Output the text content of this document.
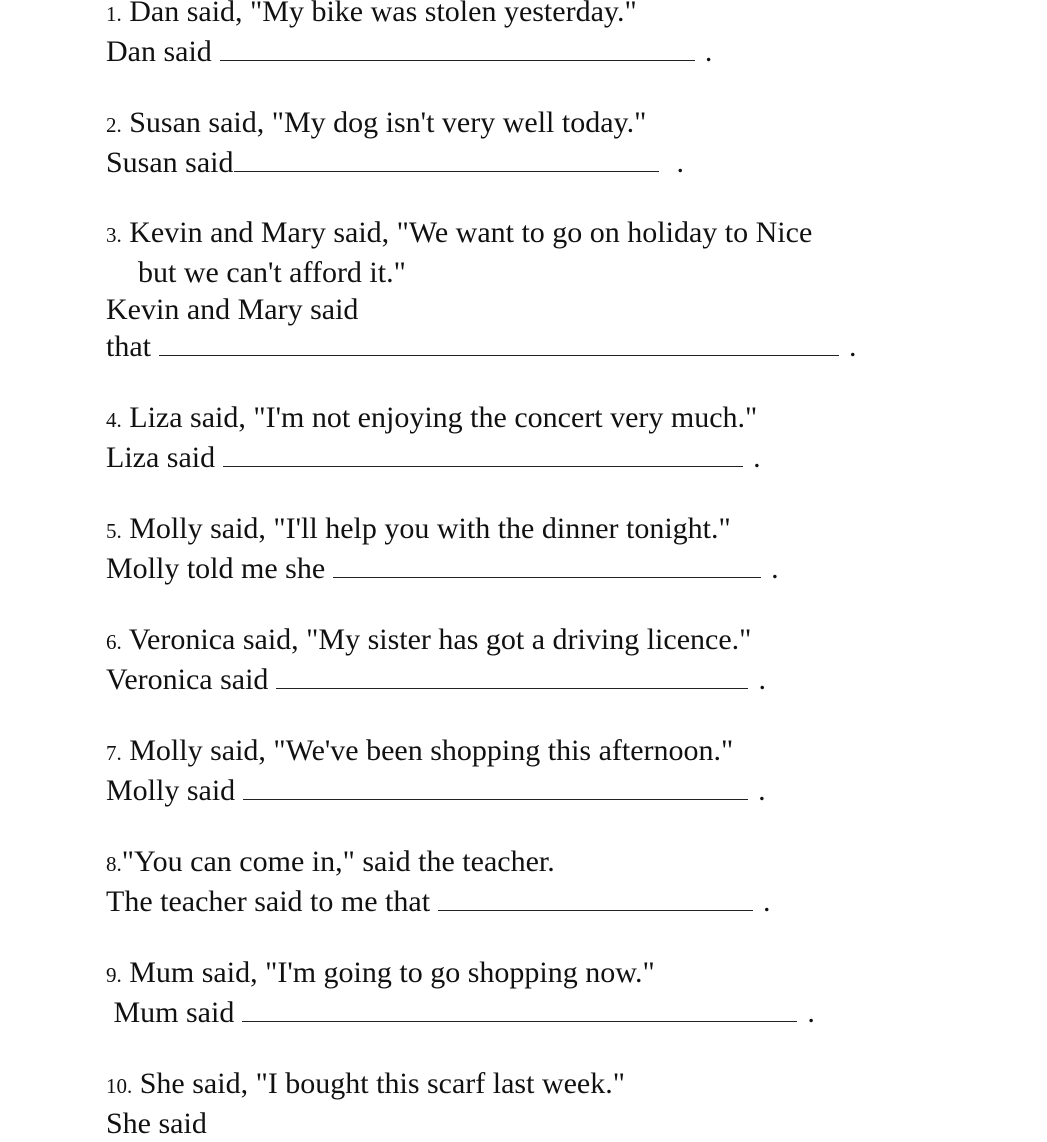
1. Dan said, "My bike was stolen yesterday."
Dan said	.
2. Susan said, "My dog isn't very well today."
Susan said	.
3. Kevin and Mary said, "We want to go on holiday to Nice
but we can't afford it."
Kevin and Mary said
that	.
4. Liza said, "I'm not enjoying the concert very much."
Liza said	.
5. Molly said, "I'll help you with the dinner tonight."
Molly told me she	.
6. Veronica said, "My sister has got a driving licence."
Veronica said	.
7. Molly said, "We've been shopping this afternoon."
Molly said	.
8."You can come in," said the teacher.
The teacher said to me that	.
9. Mum said, "I'm going to go shopping now."
Mum said	.
10. She said, "I bought this scarf last week."
She said
